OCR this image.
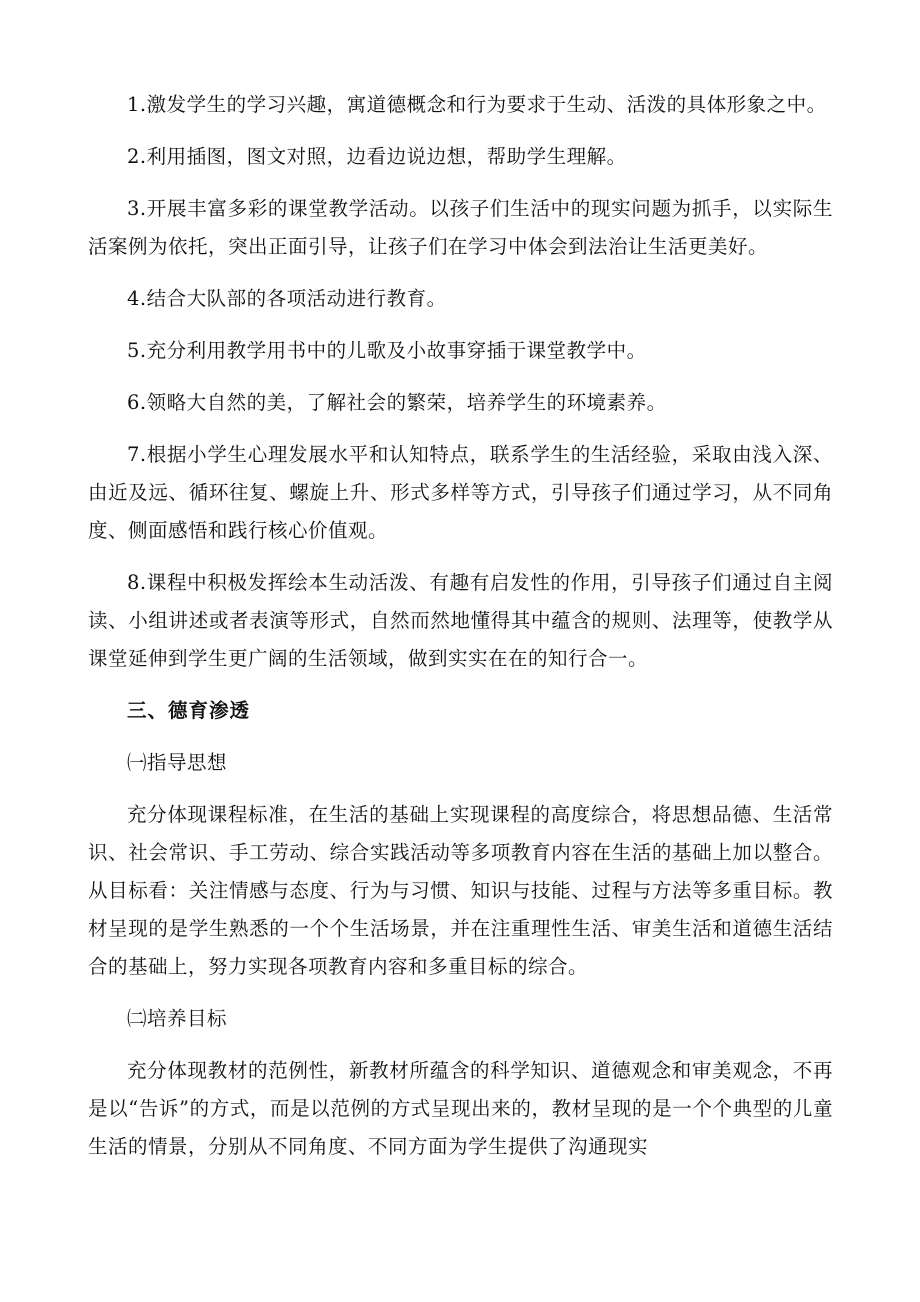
1.激发学生的学习兴趣，寓道德概念和行为要求于生动、活泼的具体形象之中。

2.利用插图，图文对照，边看边说边想，帮助学生理解。

3.开展丰富多彩的课堂教学活动。以孩子们生活中的现实问题为抓手，以实际生活案例为依托，突出正面引导，让孩子们在学习中体会到法治让生活更美好。

4.结合大队部的各项活动进行教育。

5.充分利用教学用书中的儿歌及小故事穿插于课堂教学中。

6.领略大自然的美，了解社会的繁荣，培养学生的环境素养。

7.根据小学生心理发展水平和认知特点，联系学生的生活经验，采取由浅入深、由近及远、循环往复、螺旋上升、形式多样等方式，引导孩子们通过学习，从不同角度、侧面感悟和践行核心价值观。

8.课程中积极发挥绘本生动活泼、有趣有启发性的作用，引导孩子们通过自主阅读、小组讲述或者表演等形式，自然而然地懂得其中蕴含的规则、法理等，使教学从课堂延伸到学生更广阔的生活领域，做到实实在在的知行合一。

三、德育渗透

㈠指导思想

充分体现课程标准，在生活的基础上实现课程的高度综合，将思想品德、生活常识、社会常识、手工劳动、综合实践活动等多项教育内容在生活的基础上加以整合。从目标看：关注情感与态度、行为与习惯、知识与技能、过程与方法等多重目标。教材呈现的是学生熟悉的一个个生活场景，并在注重理性生活、审美生活和道德生活结合的基础上，努力实现各项教育内容和多重目标的综合。

㈡培养目标

充分体现教材的范例性，新教材所蕴含的科学知识、道德观念和审美观念，不再是以“告诉”的方式，而是以范例的方式呈现出来的，教材呈现的是一个个典型的儿童生活的情景，分别从不同角度、不同方面为学生提供了沟通现实
